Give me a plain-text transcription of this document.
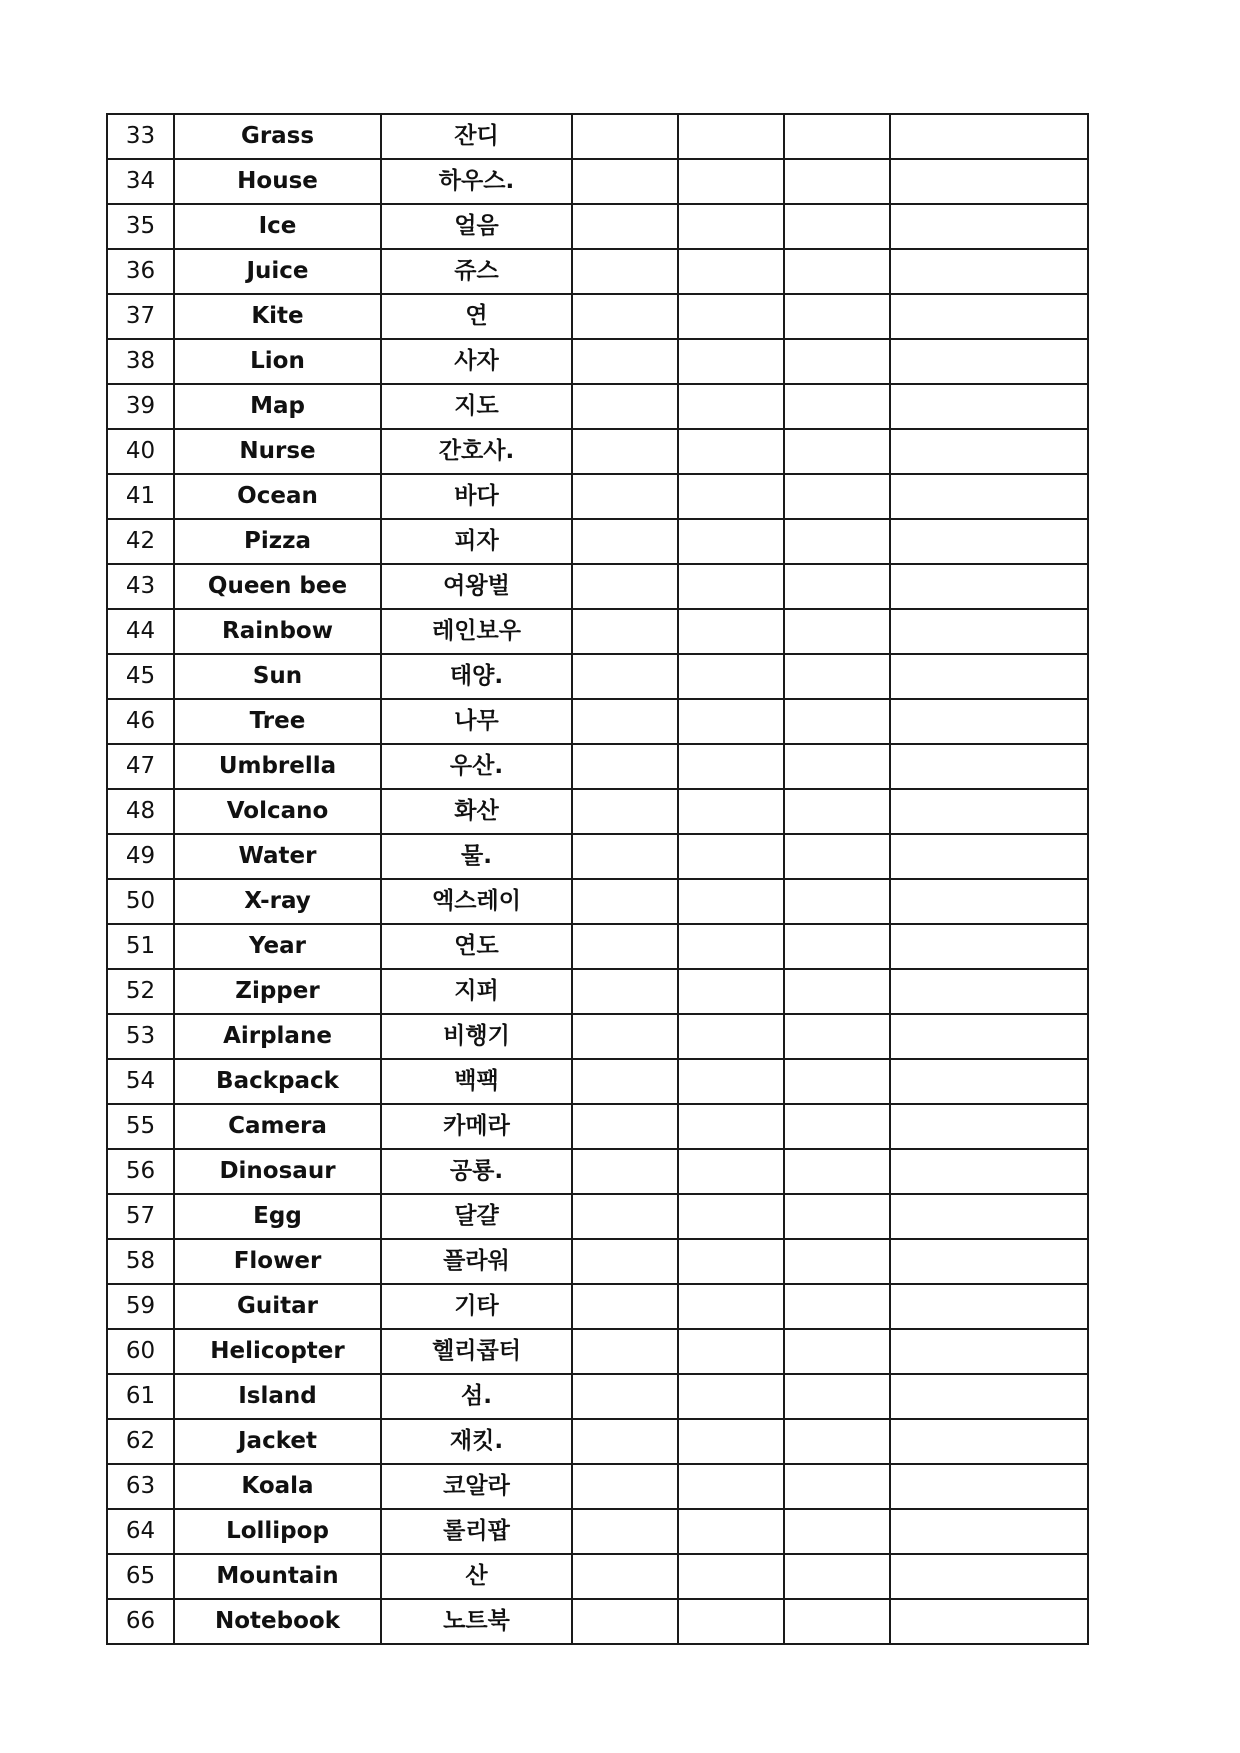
33	Grass	잔디				
34	House	하우스.				
35	Ice	얼음				
36	Juice	쥬스				
37	Kite	연				
38	Lion	사자				
39	Map	지도				
40	Nurse	간호사.				
41	Ocean	바다				
42	Pizza	피자				
43	Queen bee	여왕벌				
44	Rainbow	레인보우				
45	Sun	태양.				
46	Tree	나무				
47	Umbrella	우산.				
48	Volcano	화산				
49	Water	물.				
50	X-ray	엑스레이				
51	Year	연도				
52	Zipper	지퍼				
53	Airplane	비행기				
54	Backpack	백팩				
55	Camera	카메라				
56	Dinosaur	공룡.				
57	Egg	달걀				
58	Flower	플라워				
59	Guitar	기타				
60	Helicopter	헬리콥터				
61	Island	섬.				
62	Jacket	재킷.				
63	Koala	코알라				
64	Lollipop	롤리팝				
65	Mountain	산				
66	Notebook	노트북				
